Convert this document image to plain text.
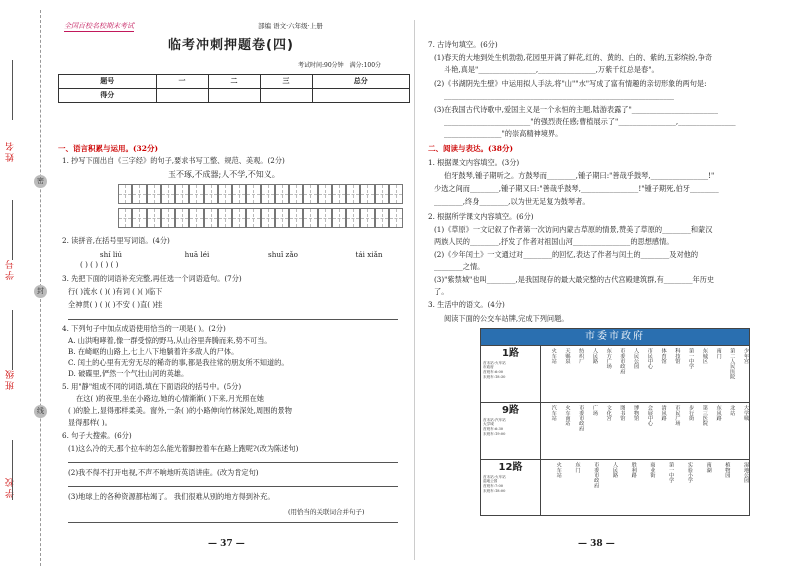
姓名
密
学号
封
班级
线
学校
全国百校名校期末考试	部编 语文·六年级·上册
临考冲刺押题卷(四)
考试时间:90分钟 满分:100分
题号	一	二	三	总分
得分				
一、语言积累与运用。(32分)
1. 抄写下面出自《三字经》的句子,要求书写工整、规范、美观。(2分)
玉不琢,不成器;人不学,不知义。
2. 读拼音,在括号里写词语。(4分)
shí liú	huā léi	shuǐ zǎo	tái xiǎn
( ) ( ) ( ) ( )
3. 先把下面的词语补充完整,再任选一个词语造句。(7分)
行( )流水 ( )( )有词 ( )( )临下
全神贯( ) ( )( )不安 ( )直( )挂
4. 下列句子中加点成语使用恰当的一项是( )。(2分)
A. 山洪咆哮着,像一群受惊的野马,从山谷里奔腾而来,势不可当。
B. 在崎岖的山路上,七上八下地躺着许多敌人的尸体。
C. 闰土的心里有无穷无尽的稀奇的事,都是我往常的朋友所不知道的。
D. 破碟里,俨然一个气壮山河的英雄。
5. 用"静"组成不同的词语,填在下面语段的括号中。(5分)
在这( )的夜里,坐在小路边,她的心情渐渐( )下来,月光照在她
( )的脸上,显得那样柔美。窗外,一条( )的小路伸向竹林深处,周围的景物
显得那样( )。
6. 句子大搜索。(6分)
(1)这么冷的天,那个拉车的怎么能光着脚控着车在路上跑呢?(改为陈述句)
(2)我不得不打开电视,不声不响地听英语讲座。(改为肯定句)
(3)地球上的各种资源都枯竭了。 我们很难从别的地方得到补充。
(用恰当的关联词合并句子)
— 37 —
7. 古诗句填空。(6分)
(1)春天的大地到处生机勃勃,花园里开满了鲜花,红的、黄的、白的、紫的,五彩缤纷,争奇
斗艳,真是"________________,________________,万紫千红总是春"。
(2)《书湖阴先生壁》中运用拟人手法,将"山""水"写成了富有情趣的亲切形象的两句是:
________________________________________________________________
(3)在我国古代诗歌中,爱国主义是一个永恒的主题,陆游表露了"________________________
________________________"的强烈责任感;曹植展示了"________________,________________
________________"的崇高精神境界。
二、阅读与表达。(38分)
1. 根据课文内容填空。(3分)
伯牙鼓琴,锺子期听之。方鼓琴而________,锺子期曰:"善哉乎鼓琴,________________!"
少选之间而________,锺子期又曰:"善哉乎鼓琴,________________!"锺子期死,伯牙________
________,终身________,以为世无足复为鼓琴者。
2. 根据所学课文内容填空。(6分)
(1)《草原》一文记叙了作者第一次访问内蒙古草原的情景,赞美了草原的________和蒙汉
两族人民的________,抒发了作者对祖国山河________________的思想感情。
(2)《少年闰土》一文通过对________的回忆,表达了作者与闰土的________及对他的
________之情。
(3)"紫禁城"也叫________,是我国现存的最大最完整的古代宫殿建筑群,有________年历史
了。
3. 生活中的语文。(4分)
阅读下面的公交车站牌,完成下列问题。
市委市政府
1路
首末站:火车站
市政府
首班车:6:00
末班车:18:30
火车站	天赐泉	纺织厂	人民路	东方广场	市委市政府	人民公园	市民中心	体育馆	科技馆	第一中学	东城区	南门	第二人民医院	少年宫
9路
首末站:汽车站
大学城
首班车:6:30
末班车:19:00
汽车站	火车南站	市委市政府	广场	文化宫	图书馆	博物馆	会展中心	清风路	市民广场	步行街	第三医院	东风路	北站	大学城
12路
首末站:火车站
湿地公园
首班车:7:00
末班车:18:00
火车站	东门	市委市政府	人民路	胜利路	商业街	第一中学	实验小学	南湖	植物园	湿地公园
— 38 —
